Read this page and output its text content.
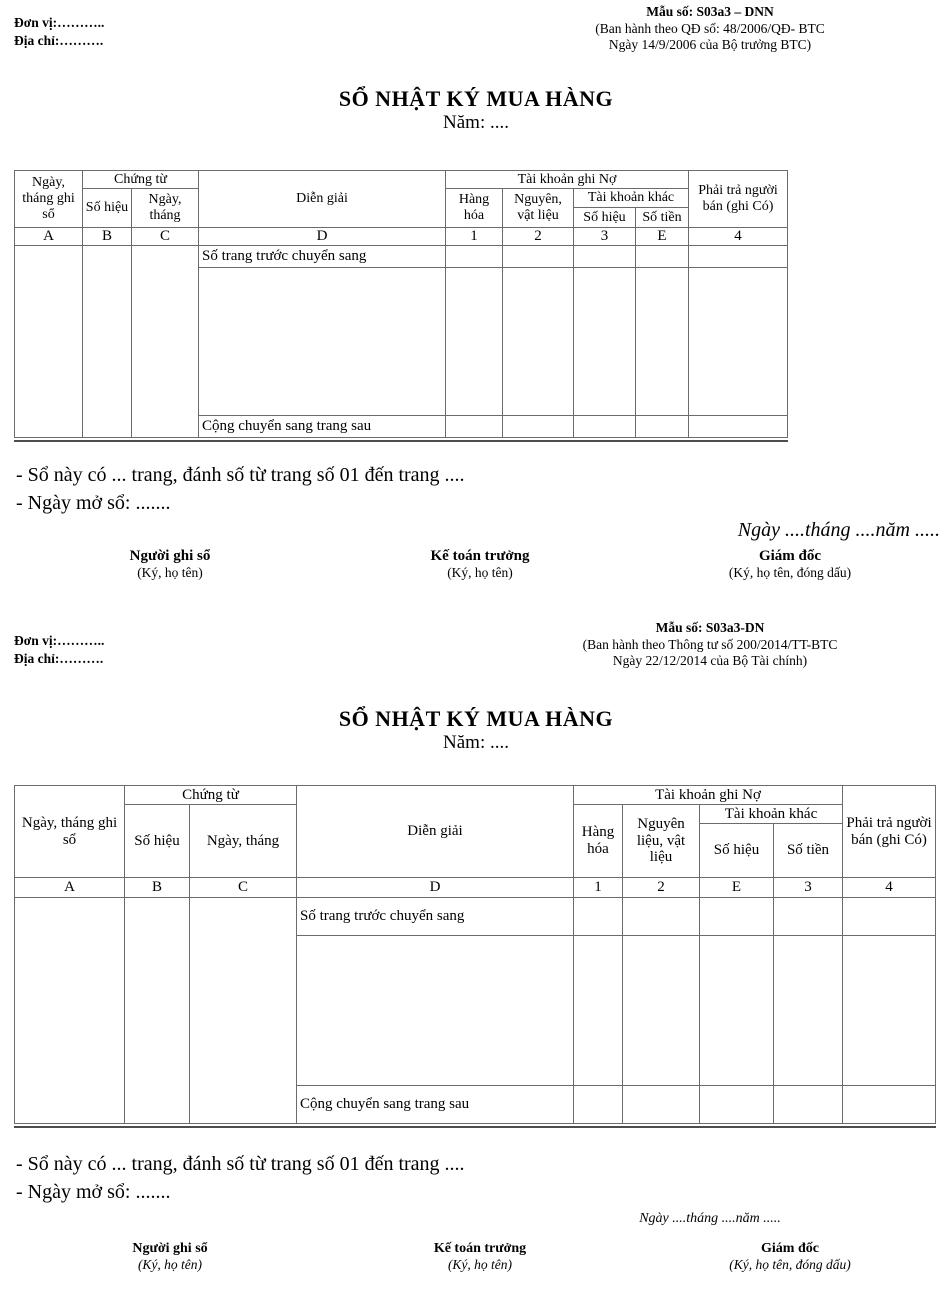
Đơn vị:………..
Địa chỉ:……….
Mẫu số: S03a3 – DNN
(Ban hành theo QĐ số: 48/2006/QĐ- BTC
Ngày 14/9/2006 của Bộ trưởng BTC)
SỔ NHẬT KÝ MUA HÀNG
Năm: ....
Ngày, tháng ghi sổ	Chứng từ		Diễn giải	Tài khoản ghi Nợ				Phải trả người bán (ghi Có)
	Số hiệu	Ngày, tháng		Hàng hóa	Nguyên, vật liệu	Tài khoản khác		
						Số hiệu	Số tiền	
A	B	C	D	1	2	3	E	4
			Số trang trước chuyển sang					

			Cộng chuyển sang trang sau					
- Sổ này có ... trang, đánh số từ trang số 01 đến trang ....
- Ngày mở sổ: .......
Ngày ....tháng ....năm .....
Người ghi sổ
(Ký, họ tên)
Kế toán trưởng
(Ký, họ tên)
Giám đốc
(Ký, họ tên, đóng dấu)
Đơn vị:………..
Địa chỉ:……….
Mẫu số: S03a3-DN
(Ban hành theo Thông tư số 200/2014/TT-BTC
Ngày 22/12/2014 của Bộ Tài chính)
SỔ NHẬT KÝ MUA HÀNG
Năm: ....
Ngày, tháng ghi sổ	Chứng từ		Diễn giải	Tài khoản ghi Nợ				Phải trả người bán (ghi Có)
	Số hiệu	Ngày, tháng		Hàng hóa	Nguyên liệu, vật liệu	Tài khoản khác		
						Số hiệu	Số tiền	
A	B	C	D	1	2	E	3	4
			Số trang trước chuyển sang					

			Cộng chuyển sang trang sau					
- Sổ này có ... trang, đánh số từ trang số 01 đến trang ....
- Ngày mở sổ: .......
Ngày ....tháng ....năm .....
Người ghi sổ
(Ký, họ tên)
Kế toán trưởng
(Ký, họ tên)
Giám đốc
(Ký, họ tên, đóng dấu)
